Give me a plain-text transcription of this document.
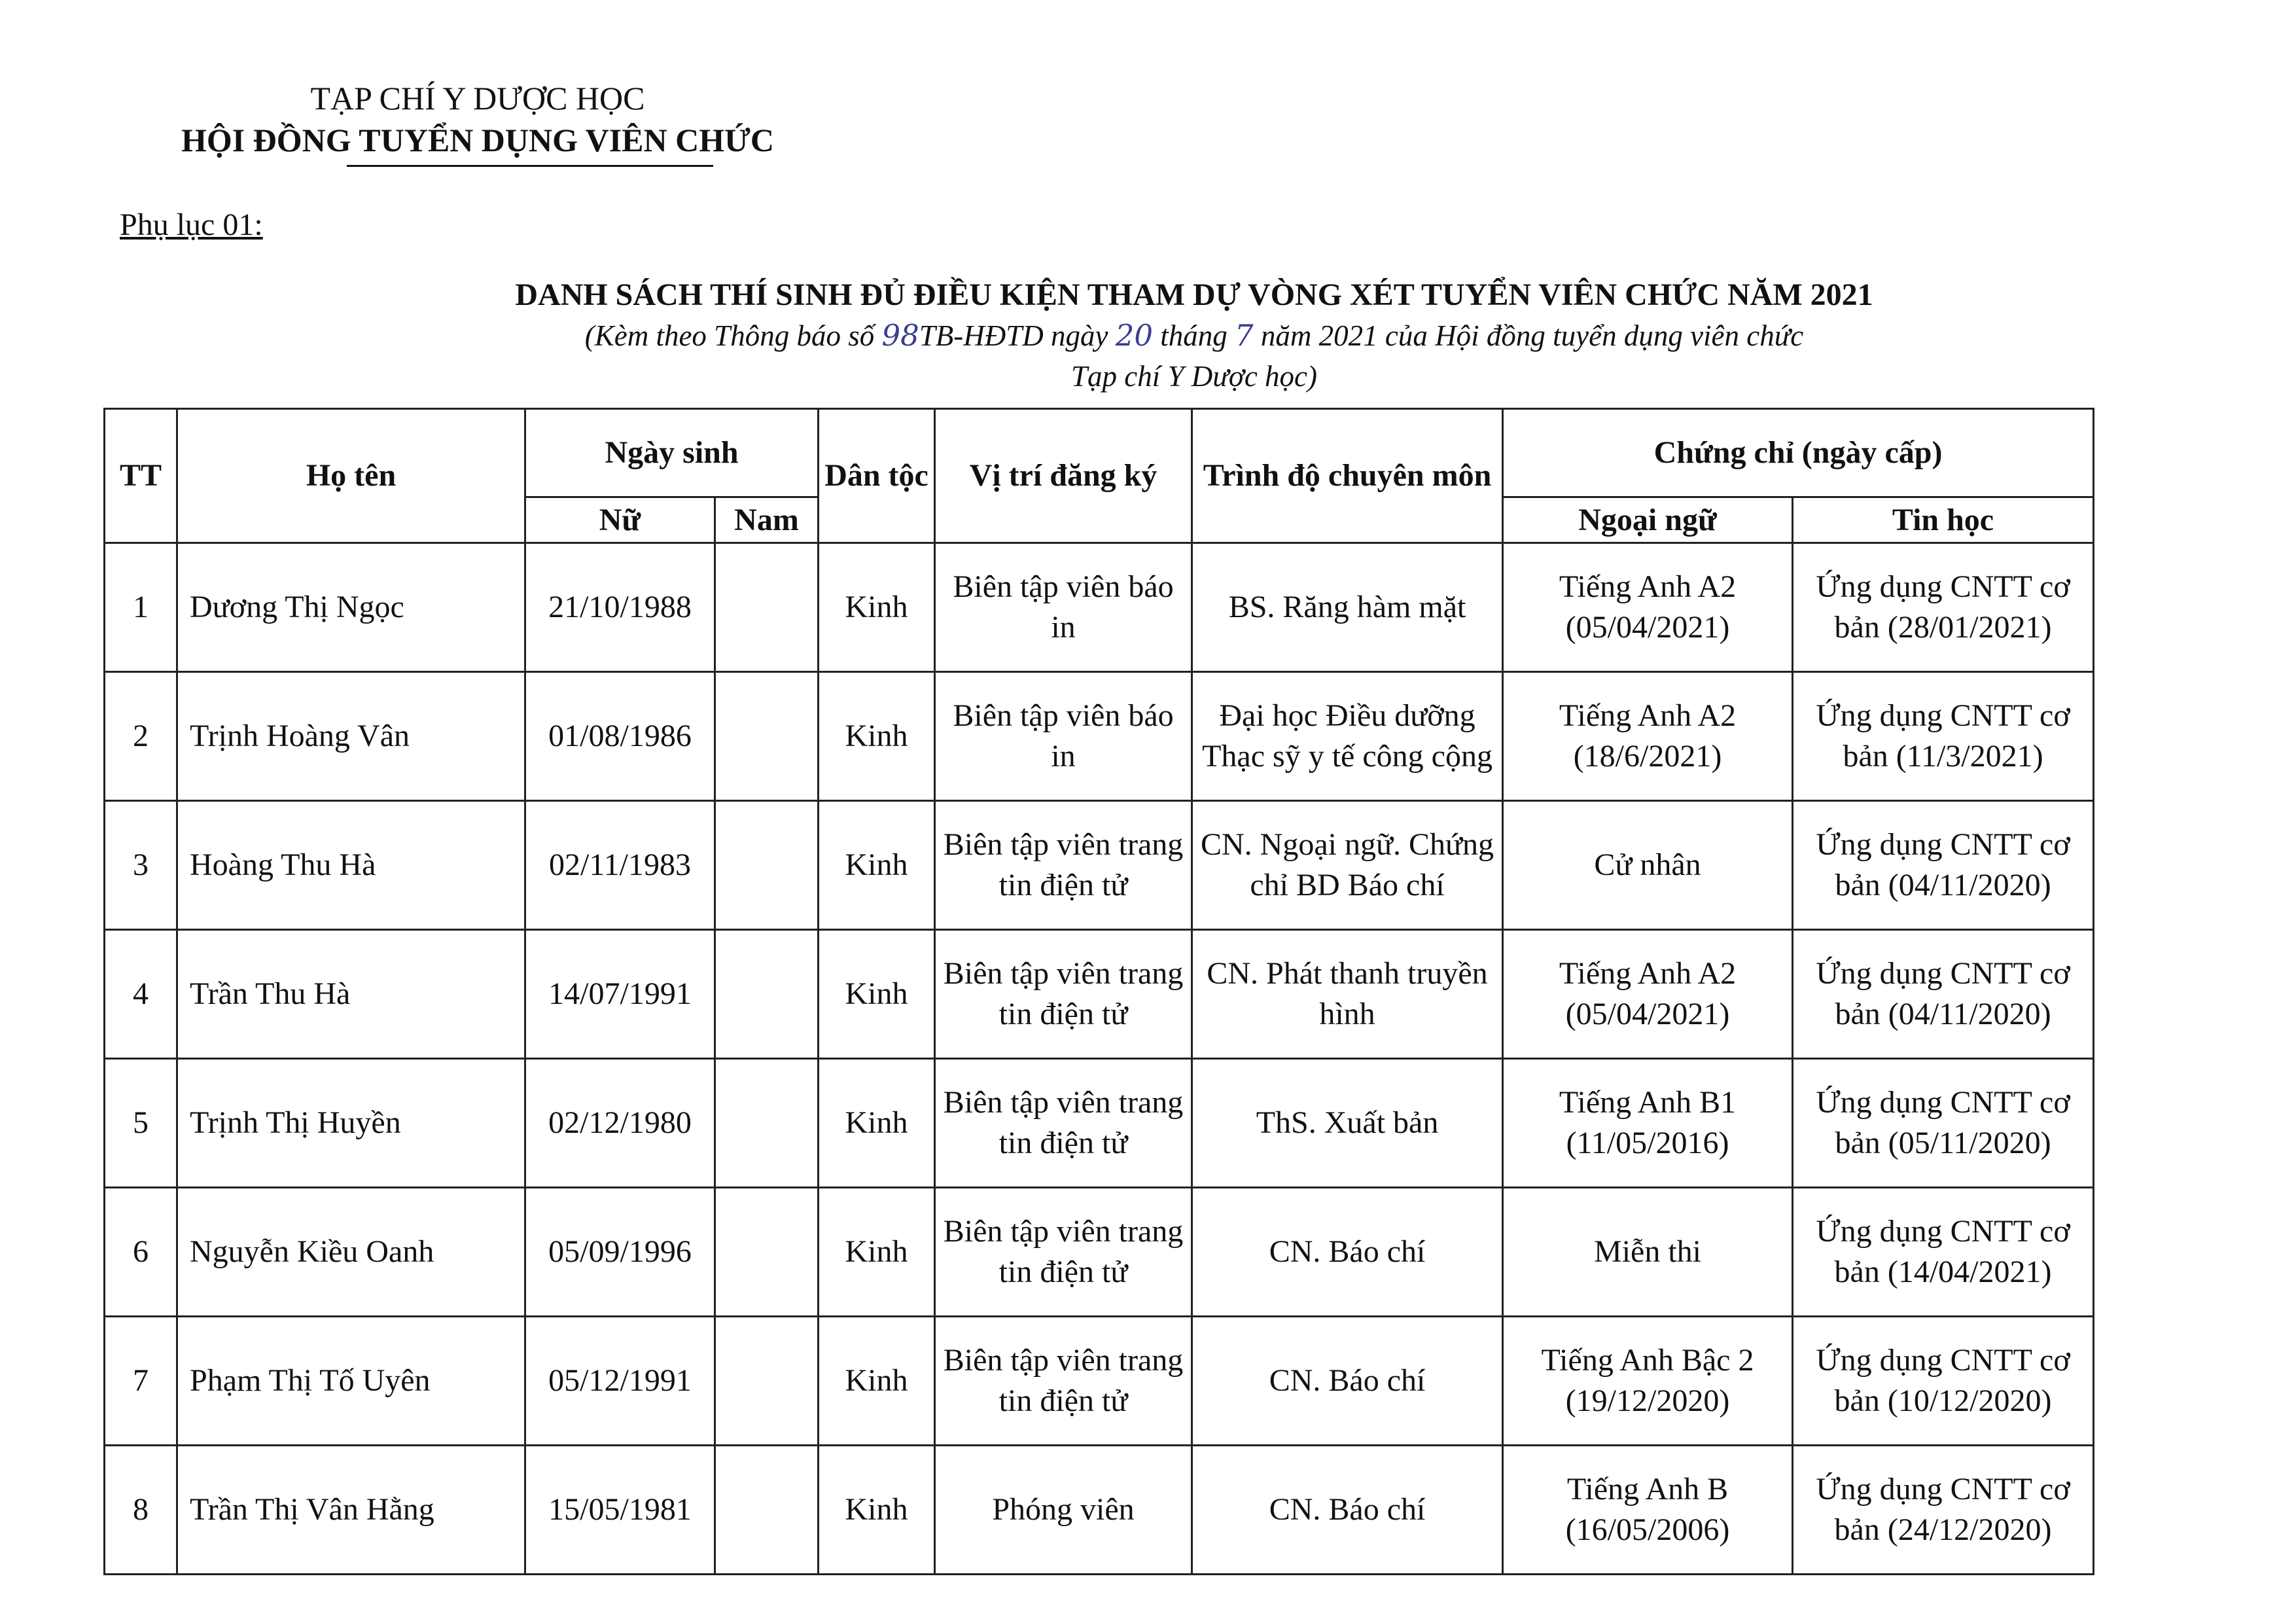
TẠP CHÍ Y DƯỢC HỌC
HỘI ĐỒNG TUYỂN DỤNG VIÊN CHỨC
Phụ lục 01:
DANH SÁCH THÍ SINH ĐỦ ĐIỀU KIỆN THAM DỰ VÒNG XÉT TUYỂN VIÊN CHỨC NĂM 2021
(Kèm theo Thông báo số 98TB-HĐTD ngày 20 tháng 7 năm 2021 của Hội đồng tuyển dụng viên chức
Tạp chí Y Dược học)
TT	Họ tên	Ngày sinh		Dân tộc	Vị trí đăng ký	Trình độ chuyên môn	Chứng chỉ (ngày cấp)	
		Nữ	Nam				Ngoại ngữ	Tin học
1	Dương Thị Ngọc	21/10/1988		Kinh	Biên tập viên báo in	BS. Răng hàm mặt	Tiếng Anh A2 (05/04/2021)	Ứng dụng CNTT cơ bản (28/01/2021)
2	Trịnh Hoàng Vân	01/08/1986		Kinh	Biên tập viên báo in	Đại học Điều dưỡng Thạc sỹ y tế công cộng	Tiếng Anh A2 (18/6/2021)	Ứng dụng CNTT cơ bản (11/3/2021)
3	Hoàng Thu Hà	02/11/1983		Kinh	Biên tập viên trang tin điện tử	CN. Ngoại ngữ. Chứng chỉ BD Báo chí	Cử nhân	Ứng dụng CNTT cơ bản (04/11/2020)
4	Trần Thu Hà	14/07/1991		Kinh	Biên tập viên trang tin điện tử	CN. Phát thanh truyền hình	Tiếng Anh A2 (05/04/2021)	Ứng dụng CNTT cơ bản (04/11/2020)
5	Trịnh Thị Huyền	02/12/1980		Kinh	Biên tập viên trang tin điện tử	ThS. Xuất bản	Tiếng Anh B1 (11/05/2016)	Ứng dụng CNTT cơ bản (05/11/2020)
6	Nguyễn Kiều Oanh	05/09/1996		Kinh	Biên tập viên trang tin điện tử	CN. Báo chí	Miễn thi	Ứng dụng CNTT cơ bản (14/04/2021)
7	Phạm Thị Tố Uyên	05/12/1991		Kinh	Biên tập viên trang tin điện tử	CN. Báo chí	Tiếng Anh Bậc 2 (19/12/2020)	Ứng dụng CNTT cơ bản (10/12/2020)
8	Trần Thị Vân Hằng	15/05/1981		Kinh	Phóng viên	CN. Báo chí	Tiếng Anh B (16/05/2006)	Ứng dụng CNTT cơ bản (24/12/2020)
